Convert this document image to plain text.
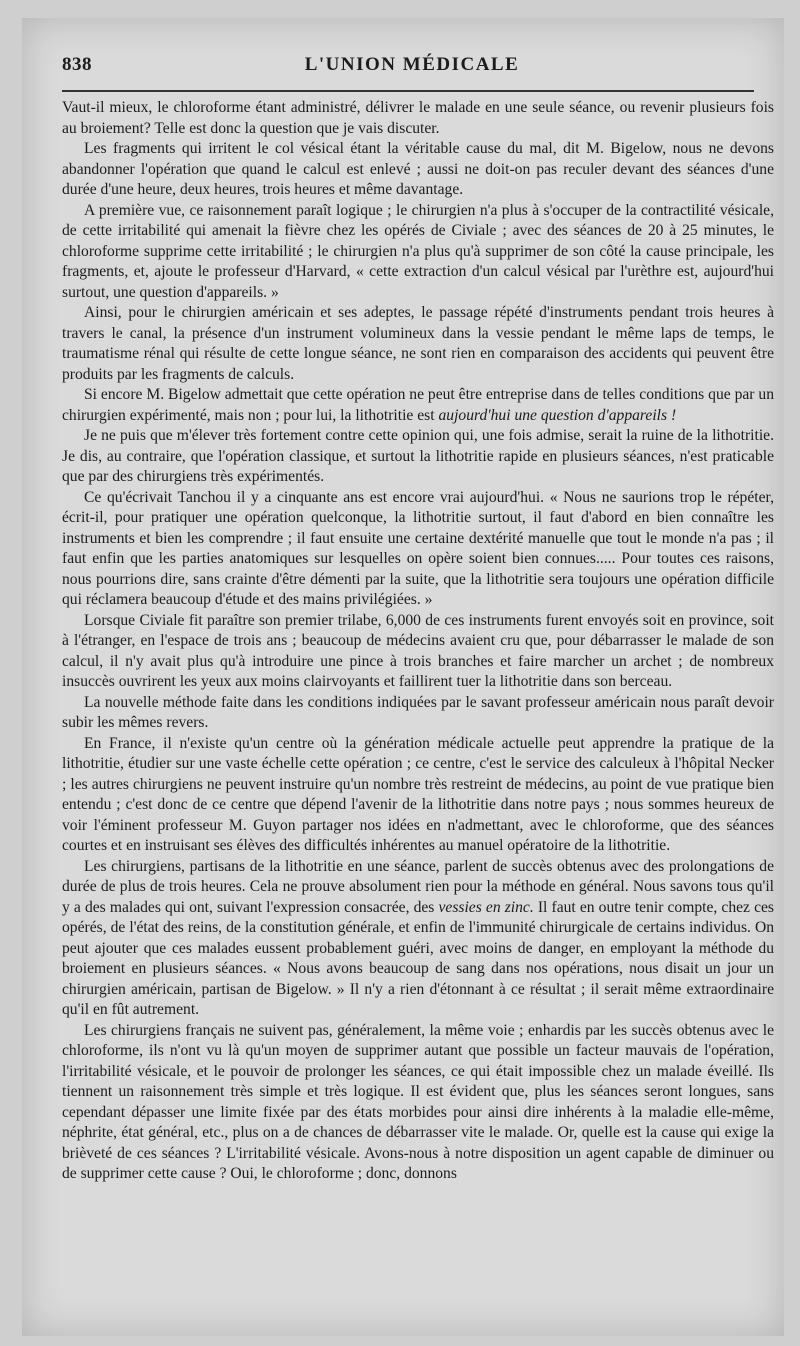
838	L'UNION MÉDICALE

Vaut-il mieux, le chloroforme étant administré, délivrer le malade en une seule séance, ou revenir plusieurs fois au broiement? Telle est donc la question que je vais discuter.

Les fragments qui irritent le col vésical étant la véritable cause du mal, dit M. Bigelow, nous ne devons abandonner l'opération que quand le calcul est enlevé ; aussi ne doit-on pas reculer devant des séances d'une durée d'une heure, deux heures, trois heures et même davantage.

A première vue, ce raisonnement paraît logique ; le chirurgien n'a plus à s'occuper de la contractilité vésicale, de cette irritabilité qui amenait la fièvre chez les opérés de Civiale ; avec des séances de 20 à 25 minutes, le chloroforme supprime cette irritabilité ; le chirurgien n'a plus qu'à supprimer de son côté la cause principale, les fragments, et, ajoute le professeur d'Harvard, « cette extraction d'un calcul vésical par l'urèthre est, aujourd'hui surtout, une question d'appareils. »

Ainsi, pour le chirurgien américain et ses adeptes, le passage répété d'instruments pendant trois heures à travers le canal, la présence d'un instrument volumineux dans la vessie pendant le même laps de temps, le traumatisme rénal qui résulte de cette longue séance, ne sont rien en comparaison des accidents qui peuvent être produits par les fragments de calculs.

Si encore M. Bigelow admettait que cette opération ne peut être entreprise dans de telles conditions que par un chirurgien expérimenté, mais non ; pour lui, la lithotritie est aujourd'hui une question d'appareils !

Je ne puis que m'élever très fortement contre cette opinion qui, une fois admise, serait la ruine de la lithotritie. Je dis, au contraire, que l'opération classique, et surtout la lithotritie rapide en plusieurs séances, n'est praticable que par des chirurgiens très expérimentés.

Ce qu'écrivait Tanchou il y a cinquante ans est encore vrai aujourd'hui. « Nous ne saurions trop le répéter, écrit-il, pour pratiquer une opération quelconque, la lithotritie surtout, il faut d'abord en bien connaître les instruments et bien les comprendre ; il faut ensuite une certaine dextérité manuelle que tout le monde n'a pas ; il faut enfin que les parties anatomiques sur lesquelles on opère soient bien connues..... Pour toutes ces raisons, nous pourrions dire, sans crainte d'être démenti par la suite, que la lithotritie sera toujours une opération difficile qui réclamera beaucoup d'étude et des mains privilégiées. »

Lorsque Civiale fit paraître son premier trilabe, 6,000 de ces instruments furent envoyés soit en province, soit à l'étranger, en l'espace de trois ans ; beaucoup de médecins avaient cru que, pour débarrasser le malade de son calcul, il n'y avait plus qu'à introduire une pince à trois branches et faire marcher un archet ; de nombreux insuccès ouvrirent les yeux aux moins clairvoyants et faillirent tuer la lithotritie dans son berceau.

La nouvelle méthode faite dans les conditions indiquées par le savant professeur américain nous paraît devoir subir les mêmes revers.

En France, il n'existe qu'un centre où la génération médicale actuelle peut apprendre la pratique de la lithotritie, étudier sur une vaste échelle cette opération ; ce centre, c'est le service des calculeux à l'hôpital Necker ; les autres chirurgiens ne peuvent instruire qu'un nombre très restreint de médecins, au point de vue pratique bien entendu ; c'est donc de ce centre que dépend l'avenir de la lithotritie dans notre pays ; nous sommes heureux de voir l'éminent professeur M. Guyon partager nos idées en n'admettant, avec le chloroforme, que des séances courtes et en instruisant ses élèves des difficultés inhérentes au manuel opératoire de la lithotritie.

Les chirurgiens, partisans de la lithotritie en une séance, parlent de succès obtenus avec des prolongations de durée de plus de trois heures. Cela ne prouve absolument rien pour la méthode en général. Nous savons tous qu'il y a des malades qui ont, suivant l'expression consacrée, des vessies en zinc. Il faut en outre tenir compte, chez ces opérés, de l'état des reins, de la constitution générale, et enfin de l'immunité chirurgicale de certains individus. On peut ajouter que ces malades eussent probablement guéri, avec moins de danger, en employant la méthode du broiement en plusieurs séances. « Nous avons beaucoup de sang dans nos opérations, nous disait un jour un chirurgien américain, partisan de Bigelow. » Il n'y a rien d'étonnant à ce résultat ; il serait même extraordinaire qu'il en fût autrement.

Les chirurgiens français ne suivent pas, généralement, la même voie ; enhardis par les succès obtenus avec le chloroforme, ils n'ont vu là qu'un moyen de supprimer autant que possible un facteur mauvais de l'opération, l'irritabilité vésicale, et le pouvoir de prolonger les séances, ce qui était impossible chez un malade éveillé. Ils tiennent un raisonnement très simple et très logique. Il est évident que, plus les séances seront longues, sans cependant dépasser une limite fixée par des états morbides pour ainsi dire inhérents à la maladie elle-même, néphrite, état général, etc., plus on a de chances de débarrasser vite le malade. Or, quelle est la cause qui exige la brièveté de ces séances ? L'irritabilité vésicale. Avons-nous à notre disposition un agent capable de diminuer ou de supprimer cette cause ? Oui, le chloroforme ; donc, donnons
